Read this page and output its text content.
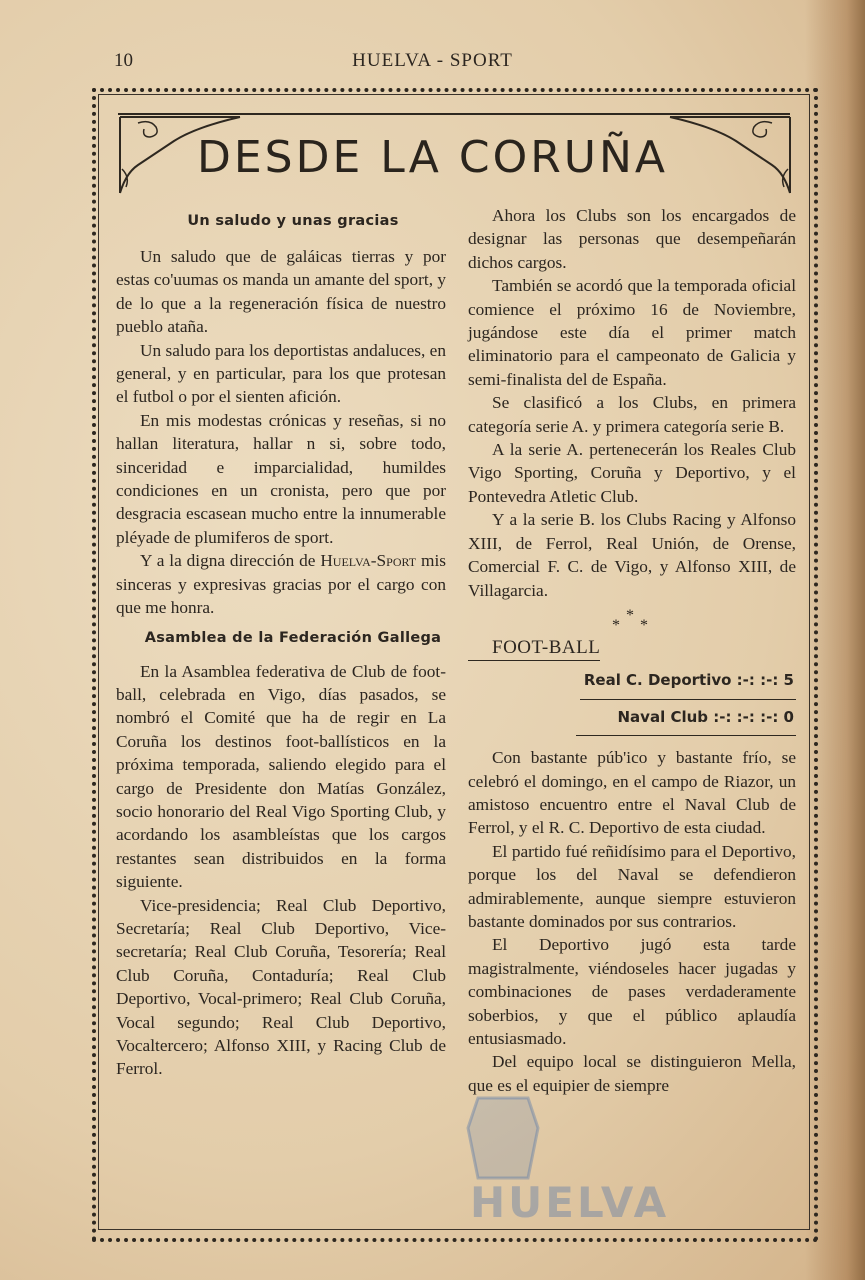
10	HUELVA - SPORT
DESDE LA CORUÑA

Un saludo y unas gracias

Un saludo que de galáicas tierras y por estas co'uumas os manda un amante del sport, y de lo que a la regeneración física de nuestro pueblo ataña.

Un saludo para los deportistas andaluces, en general, y en particular, para los que protesan el futbol o por el sienten afición.

En mis modestas crónicas y reseñas, si no hallan literatura, hallar n si, sobre todo, sinceridad e imparcialidad, humildes condiciones en un cronista, pero que por desgracia escasean mucho entre la innumerable pléyade de plumiferos de sport.

Y a la digna dirección de Huelva-Sport mis sinceras y expresivas gracias por el cargo con que me honra.

Asamblea de la Federación Gallega

En la Asamblea federativa de Club de foot-ball, celebrada en Vigo, días pasados, se nombró el Comité que ha de regir en La Coruña los destinos foot-ballísticos en la próxima temporada, saliendo elegido para el cargo de Presidente don Matías González, socio honorario del Real Vigo Sporting Club, y acordando los asambleístas que los cargos restantes sean distribuidos en la forma siguiente.

Vice-presidencia; Real Club Deportivo, Secretaría; Real Club Deportivo, Vice-secretaría; Real Club Coruña, Tesorería; Real Club Coruña, Contaduría; Real Club Deportivo, Vocal-primero; Real Club Coruña, Vocal segundo; Real Club Deportivo, Vocaltercero; Alfonso XIII, y Racing Club de Ferrol.

Ahora los Clubs son los encargados de designar las personas que desempeñarán dichos cargos.

También se acordó que la temporada oficial comience el próximo 16 de Noviembre, jugándose este día el primer match eliminatorio para el campeonato de Galicia y semi-finalista del de España.

Se clasificó a los Clubs, en primera categoría serie A. y primera categoría serie B.

A la serie A. pertenecerán los Reales Club Vigo Sporting, Coruña y Deportivo, y el Pontevedra Atletic Club.

Y a la serie B. los Clubs Racing y Alfonso XIII, de Ferrol, Real Unión, de Orense, Comercial F. C. de Vigo, y Alfonso XIII, de Villagarcia.

*
* *

FOOT-BALL

Real C. Deportivo :-: :-: 5

Naval Club :-: :-: :-: 0

Con bastante púb'ico y bastante frío, se celebró el domingo, en el campo de Riazor, un amistoso encuentro entre el Naval Club de Ferrol, y el R. C. Deportivo de esta ciudad.

El partido fué reñidísimo para el Deportivo, porque los del Naval se defendieron admirablemente, aunque siempre estuvieron bastante dominados por sus contrarios.

El Deportivo jugó esta tarde magistralmente, viéndoseles hacer jugadas y combinaciones de pases verdaderamente soberbios, y que el público aplaudía entusiasmado.

Del equipo local se distinguieron Mella, que es el equipier de siempre

HUELVA
